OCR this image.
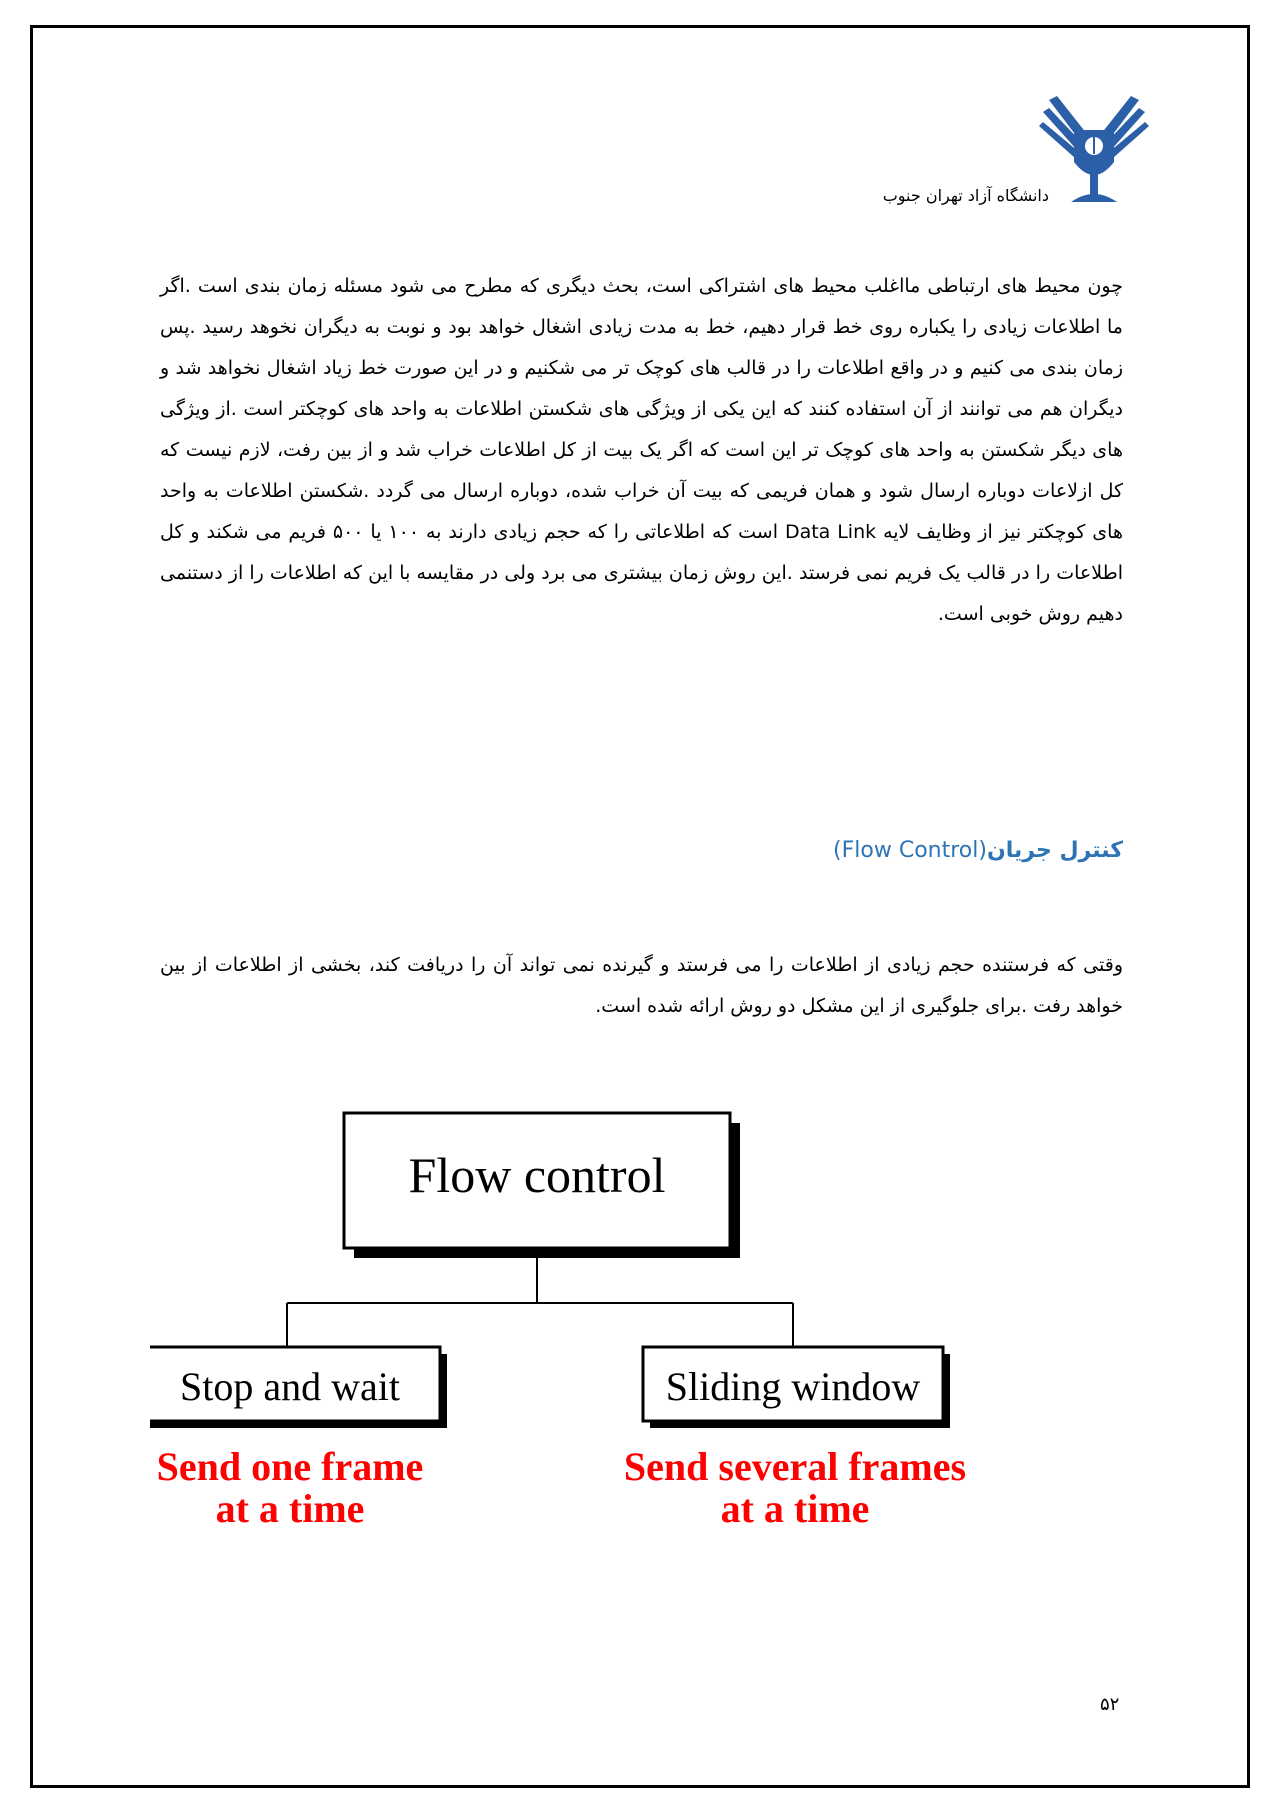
دانشگاه آزاد تهران جنوب

چون محیط های ارتباطی مااغلب محیط های اشتراکی است، بحث دیگری که مطرح می شود مسئله زمان بندی است .اگر ما اطلاعات زیادی را یکباره روی خط قرار دهیم، خط به مدت زیادی اشغال خواهد بود و نوبت به دیگران نخوهد رسید .پس زمان بندی می کنیم و در واقع اطلاعات را در قالب های کوچک تر می شکنیم و در این صورت خط زیاد اشغال نخواهد شد و دیگران هم می توانند از آن استفاده کنند که این یکی از ویژگی های شکستن اطلاعات به واحد های کوچکتر است .از ویژگی های دیگر شکستن به واحد های کوچک تر این است که اگر یک بیت از کل اطلاعات خراب شد و از بین رفت، لازم نیست که کل ازلاعات دوباره ارسال شود و همان فریمی که بیت آن خراب شده، دوباره ارسال می گردد .شکستن اطلاعات به واحد های کوچکتر نیز از وظایف لایه Data Link است که اطلاعاتی را که حجم زیادی دارند به ۱۰۰ یا ۵۰۰ فریم می شکند و کل اطلاعات را در قالب یک فریم نمی فرستد .این روش زمان بیشتری می برد ولی در مقایسه با این که اطلاعات را از دستنمی دهیم روش خوبی است.

کنترل جریان(Flow Control)

وقتی که فرستنده حجم زیادی از اطلاعات را می فرستد و گیرنده نمی تواند آن را دریافت کند، بخشی از اطلاعات از بین خواهد رفت .برای جلوگیری از این مشکل دو روش ارائه شده است.

Flow control
Stop and wait	Sliding window
Send one frame
at a time
Send several frames
at a time
۵۲
